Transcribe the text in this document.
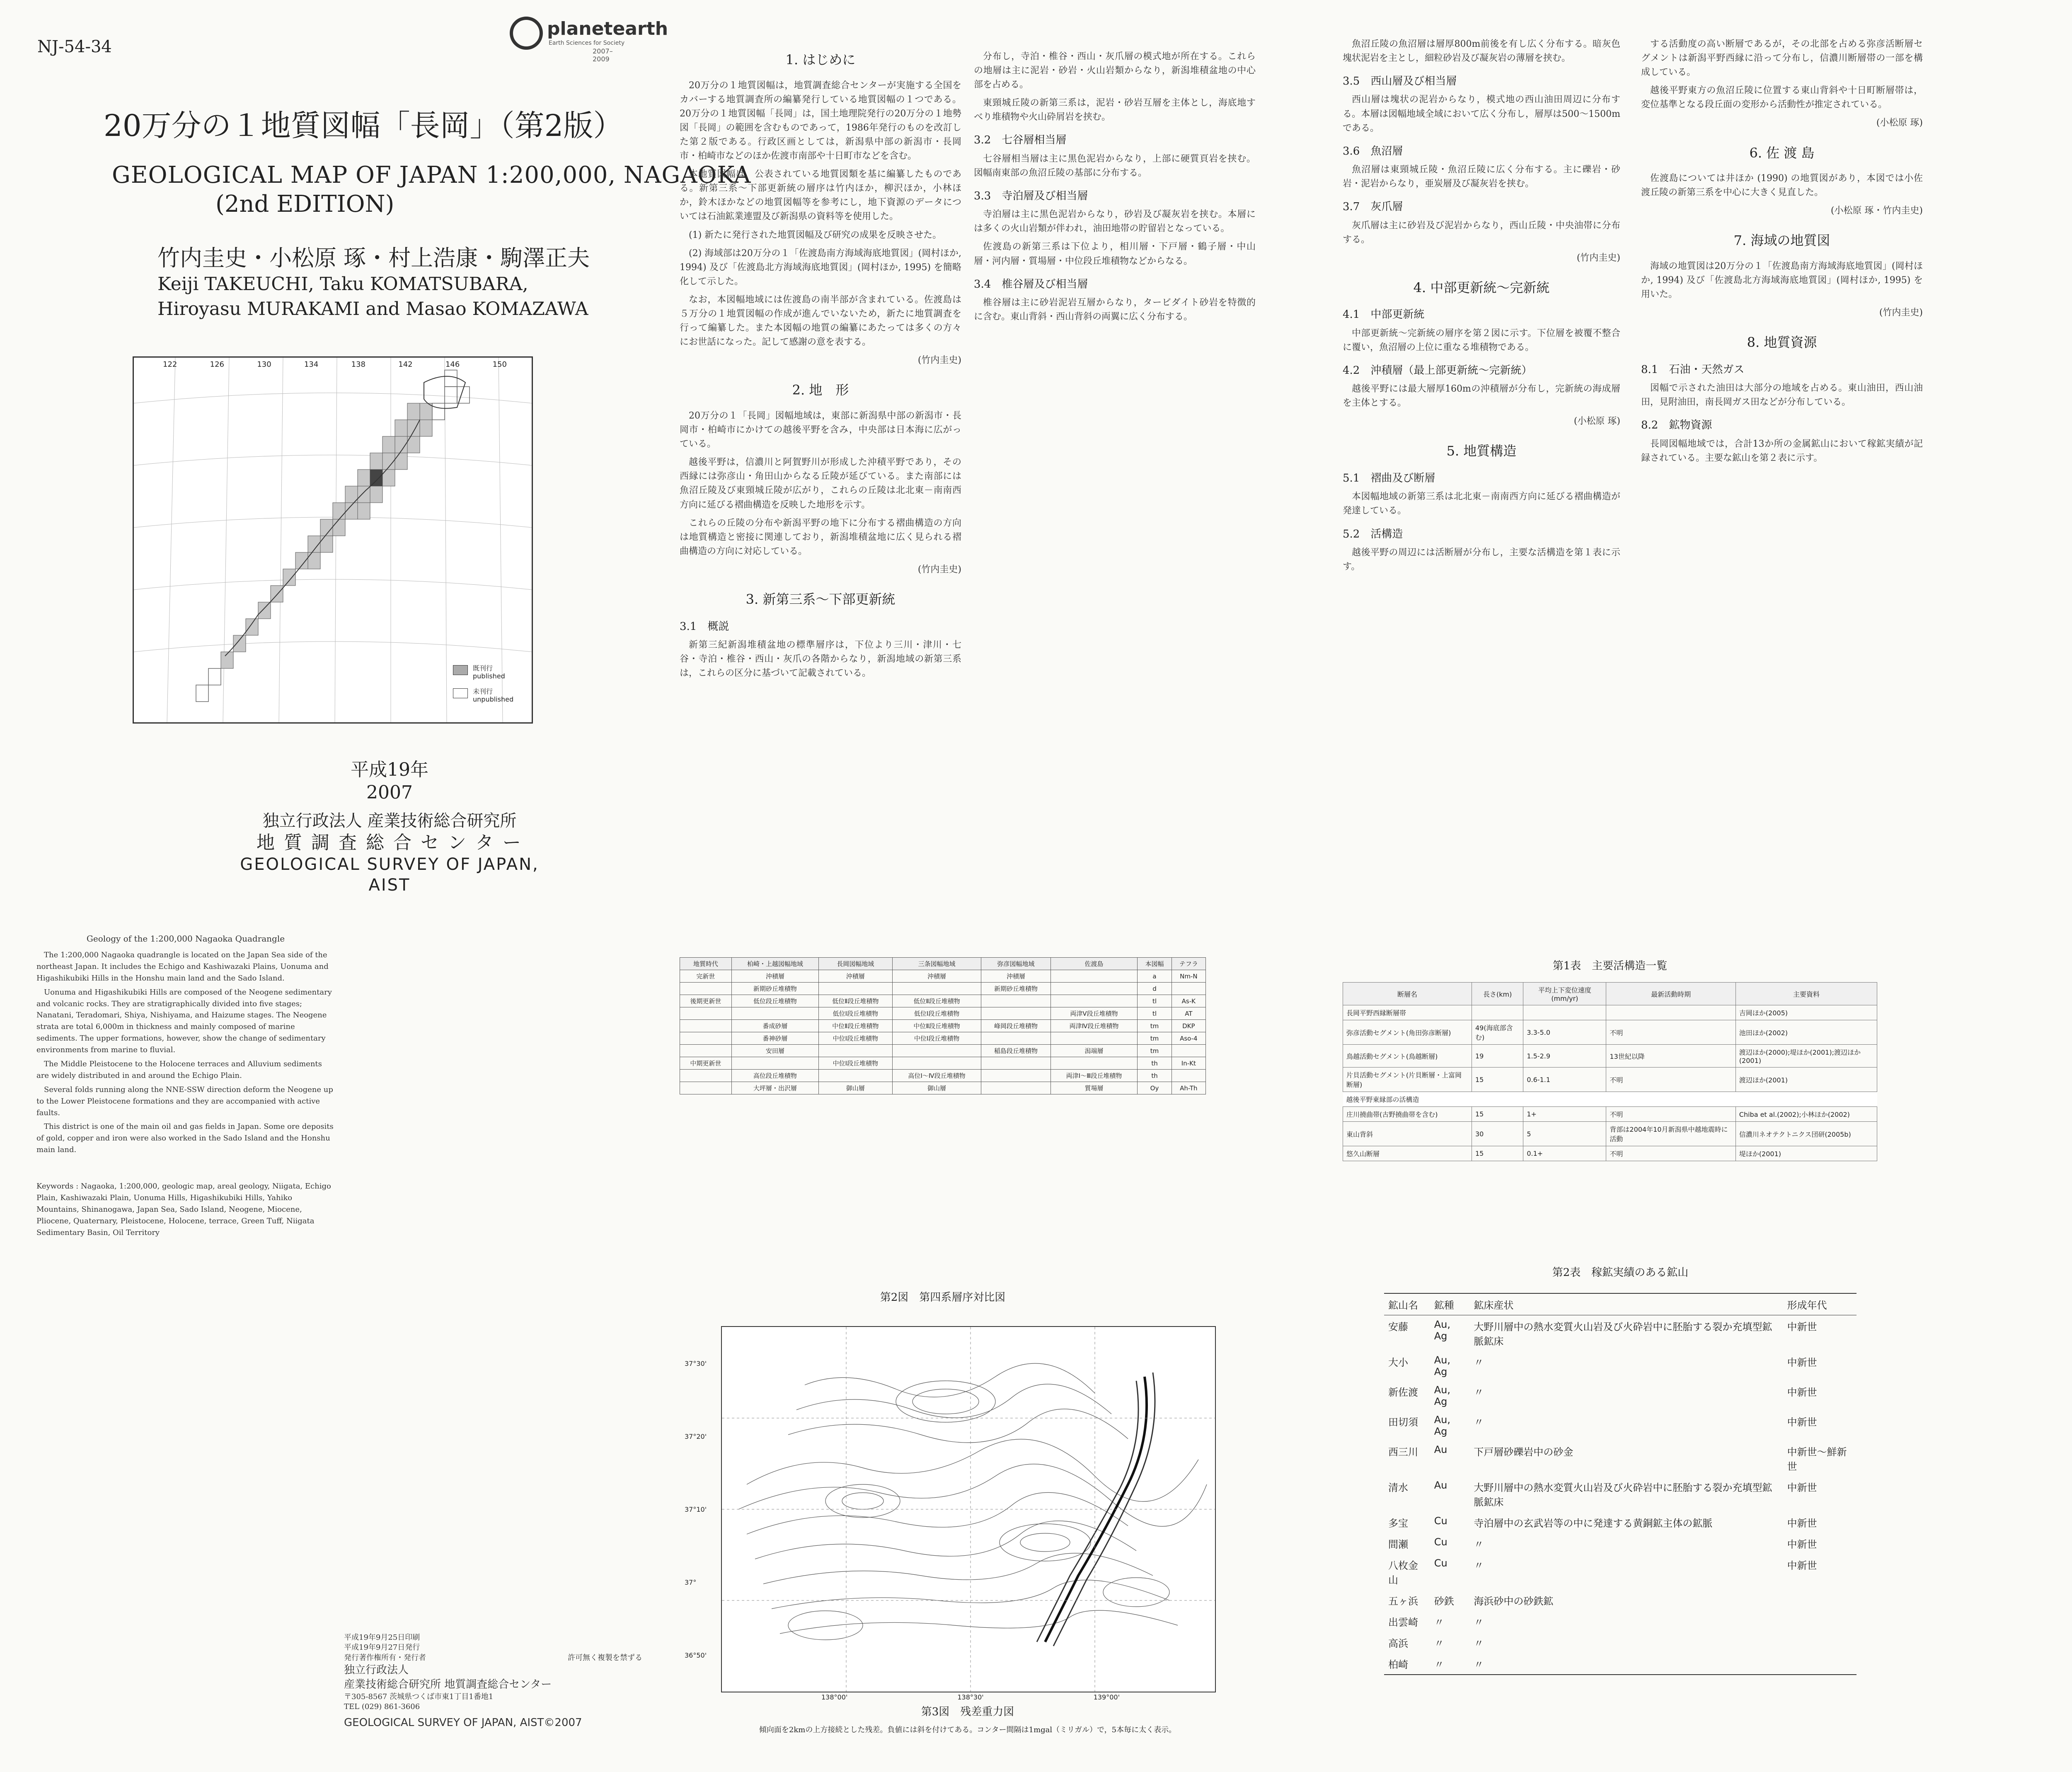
NJ-54-34
planetearth
Earth Sciences for Society
2007–2009
20万分の１地質図幅「長岡」（第2版）
GEOLOGICAL MAP OF JAPAN 1:200,000, NAGAOKA
(2nd EDITION)
竹内圭史・小松原 琢・村上浩康・駒澤正夫
Keiji TAKEUCHI, Taku KOMATSUBARA,
Hiroyasu MURAKAMI and Masao KOMAZAWA
122	126	130	134	138	142	146	150
既刊行
published
未刊行
unpublished
平成19年
2007
独立行政法人 産業技術総合研究所
地 質 調 査 総 合 セ ン タ ー
GEOLOGICAL SURVEY OF JAPAN, AIST
1. はじめに

20万分の１地質図幅は，地質調査総合センターが実施する全国をカバーする地質調査所の編纂発行している地質図幅の１つである。20万分の１地質図幅「長岡」は，国土地理院発行の20万分の１地勢図「長岡」の範囲を含むものであって，1986年発行のものを改訂した第２版である。行政区画としては，新潟県中部の新潟市・長岡市・柏崎市などのほか佐渡市南部や十日町市などを含む。

本地質図幅は，公表されている地質図類を基に編纂したものである。新第三系～下部更新統の層序は竹内ほか，柳沢ほか，小林ほか，鈴木ほかなどの地質図幅等を参考にし，地下資源のデータについては石油鉱業連盟及び新潟県の資料等を使用した。

(1) 新たに発行された地質図幅及び研究の成果を反映させた。

(2) 海域部は20万分の１「佐渡島南方海域海底地質図」(岡村ほか, 1994) 及び「佐渡島北方海域海底地質図」(岡村ほか, 1995) を簡略化して示した。

なお，本図幅地域には佐渡島の南半部が含まれている。佐渡島は５万分の１地質図幅の作成が進んでいないため，新たに地質調査を行って編纂した。また本図幅の地質の編纂にあたっては多くの方々にお世話になった。記して感謝の意を表する。

(竹内圭史)

2. 地　形

20万分の１「長岡」図幅地域は，東部に新潟県中部の新潟市・長岡市・柏崎市にかけての越後平野を含み，中央部は日本海に広がっている。

越後平野は，信濃川と阿賀野川が形成した沖積平野であり，その西縁には弥彦山・角田山からなる丘陵が延びている。また南部には魚沼丘陵及び東頸城丘陵が広がり，これらの丘陵は北北東－南南西方向に延びる褶曲構造を反映した地形を示す。

これらの丘陵の分布や新潟平野の地下に分布する褶曲構造の方向は地質構造と密接に関連しており，新潟堆積盆地に広く見られる褶曲構造の方向に対応している。

(竹内圭史)

3. 新第三系～下部更新統
3.1　概説

新第三紀新潟堆積盆地の標準層序は，下位より三川・津川・七谷・寺泊・椎谷・西山・灰爪の各階からなり，新潟地域の新第三系は，これらの区分に基づいて記載されている。

分布し，寺泊・椎谷・西山・灰爪層の模式地が所在する。これらの地層は主に泥岩・砂岩・火山岩類からなり，新潟堆積盆地の中心部を占める。

東頸城丘陵の新第三系は，泥岩・砂岩互層を主体とし，海底地すべり堆積物や火山砕屑岩を挟む。

3.2　七谷層相当層

七谷層相当層は主に黒色泥岩からなり，上部に硬質頁岩を挟む。図幅南東部の魚沼丘陵の基部に分布する。

3.3　寺泊層及び相当層

寺泊層は主に黒色泥岩からなり，砂岩及び凝灰岩を挟む。本層には多くの火山岩類が伴われ，油田地帯の貯留岩となっている。

佐渡島の新第三系は下位より，相川層・下戸層・鶴子層・中山層・河内層・質場層・中位段丘堆積物などからなる。

3.4　椎谷層及び相当層

椎谷層は主に砂岩泥岩互層からなり，タービダイト砂岩を特徴的に含む。東山背斜・西山背斜の両翼に広く分布する。

魚沼丘陵の魚沼層は層厚800m前後を有し広く分布する。暗灰色塊状泥岩を主とし，細粒砂岩及び凝灰岩の薄層を挟む。

3.5　西山層及び相当層

西山層は塊状の泥岩からなり，模式地の西山油田周辺に分布する。本層は図幅地域全域において広く分布し，層厚は500～1500mである。

3.6　魚沼層

魚沼層は東頸城丘陵・魚沼丘陵に広く分布する。主に礫岩・砂岩・泥岩からなり，亜炭層及び凝灰岩を挟む。

3.7　灰爪層

灰爪層は主に砂岩及び泥岩からなり，西山丘陵・中央油帯に分布する。

(竹内圭史)

4. 中部更新統～完新統
4.1　中部更新統

中部更新統～完新統の層序を第２図に示す。下位層を被覆不整合に覆い，魚沼層の上位に重なる堆積物である。

4.2　沖積層（最上部更新統～完新統）

越後平野には最大層厚160mの沖積層が分布し，完新統の海成層を主体とする。

(小松原 琢)

5. 地質構造
5.1　褶曲及び断層

本図幅地域の新第三系は北北東－南南西方向に延びる褶曲構造が発達している。

5.2　活構造

越後平野の周辺には活断層が分布し，主要な活構造を第１表に示す。

する活動度の高い断層であるが，その北部を占める弥彦活断層セグメントは新潟平野西縁に沿って分布し，信濃川断層帯の一部を構成している。

越後平野東方の魚沼丘陵に位置する東山背斜や十日町断層帯は，変位基準となる段丘面の変形から活動性が推定されている。

(小松原 琢)

6. 佐 渡 島

佐渡島については井ほか (1990) の地質図があり，本図では小佐渡丘陵の新第三系を中心に大きく見直した。

(小松原 琢・竹内圭史)

7. 海域の地質図

海域の地質図は20万分の１「佐渡島南方海域海底地質図」(岡村ほか, 1994) 及び「佐渡島北方海域海底地質図」(岡村ほか, 1995) を用いた。

(竹内圭史)

8. 地質資源
8.1　石油・天然ガス

図幅で示された油田は大部分の地域を占める。東山油田，西山油田，見附油田，南長岡ガス田などが分布している。

8.2　鉱物資源

長岡図幅地域では，合計13か所の金属鉱山において稼鉱実績が記録されている。主要な鉱山を第２表に示す。

Geology of the 1:200,000 Nagaoka Quadrangle

The 1:200,000 Nagaoka quadrangle is located on the Japan Sea side of the northeast Japan. It includes the Echigo and Kashiwazaki Plains, Uonuma and Higashikubiki Hills in the Honshu main land and the Sado Island.

Uonuma and Higashikubiki Hills are composed of the Neogene sedimentary and volcanic rocks. They are stratigraphically divided into five stages; Nanatani, Teradomari, Shiya, Nishiyama, and Haizume stages. The Neogene strata are total 6,000m in thickness and mainly composed of marine sediments. The upper formations, however, show the change of sedimentary environments from marine to fluvial.

The Middle Pleistocene to the Holocene terraces and Alluvium sediments are widely distributed in and around the Echigo Plain.

Several folds running along the NNE-SSW direction deform the Neogene up to the Lower Pleistocene formations and they are accompanied with active faults.

This district is one of the main oil and gas fields in Japan. Some ore deposits of gold, copper and iron were also worked in the Sado Island and the Honshu main land.

Keywords : Nagaoka, 1:200,000, geologic map, areal geology, Niigata, Echigo Plain, Kashiwazaki Plain, Uonuma Hills, Higashikubiki Hills, Yahiko Mountains, Shinanogawa, Japan Sea, Sado Island, Neogene, Miocene, Pliocene, Quaternary, Pleistocene, Holocene, terrace, Green Tuff, Niigata Sedimentary Basin, Oil Territory

地質時代	柏崎・上越図幅地域	長岡図幅地域	三条図幅地域	弥彦図幅地域	佐渡島	本図幅	テフラ
完新世	沖積層	沖積層	沖積層	沖積層		a	Nm-N
	新期砂丘堆積物			新期砂丘堆積物		d	
後期更新世	低位段丘堆積物	低位Ⅱ段丘堆積物	低位Ⅱ段丘堆積物			tl	As-K
		低位Ⅰ段丘堆積物	低位Ⅰ段丘堆積物		両津Ⅴ段丘堆積物	tl	AT
	番成砂層	中位Ⅱ段丘堆積物	中位Ⅱ段丘堆積物	峰岡段丘堆積物	両津Ⅳ段丘堆積物	tm	DKP
	番神砂層	中位Ⅰ段丘堆積物	中位Ⅰ段丘堆積物			tm	Aso-4
	安田層			稲島段丘堆積物	潟端層	tm	
中期更新世		中位Ⅰ段丘堆積物				th	In-Kt
	高位段丘堆積物		高位Ⅰ～Ⅳ段丘堆積物		両津Ⅰ～Ⅲ段丘堆積物	th	
	大坪層・出沢層	御山層	御山層		質場層	Oy	Ah-Th
第2図　第四系層序対比図
37°30'
37°20'
37°10'
37°
36°50'
138°00'	138°30'	139°00'
第3図　残差重力図
傾向面を2kmの上方接続とした残差。負値には斜を付けてある。コンター間隔は1mgal（ミリガル）で，5本毎に太く表示。
第1表　主要活構造一覧
断層名	長さ(km)	平均上下変位速度(mm/yr)	最新活動時期	主要資料
長岡平野西縁断層帯				吉岡ほか(2005)
弥彦活動セグメント(角田弥彦断層)	49(海底部含む)	3.3-5.0	不明	池田ほか(2002)
鳥越活動セグメント(鳥越断層)	19	1.5-2.9	13世紀以降	渡辺ほか(2000);堤ほか(2001);渡辺ほか(2001)
片貝活動セグメント(片貝断層・上富岡断層)	15	0.6-1.1	不明	渡辺ほか(2001)
越後平野東縁部の活構造				
庄川撓曲帯(古野撓曲帯を含む)	15	1+	不明	Chiba et al.(2002);小林ほか(2002)
東山背斜	30	5	背部は2004年10月新潟県中越地震時に活動	信濃川ネオテクトニクス団研(2005b)
悠久山断層	15	0.1+	不明	堤ほか(2001)
第2表　稼鉱実績のある鉱山
鉱山名	鉱種	鉱床産状	形成年代
安藤	Au, Ag	大野川層中の熱水変質火山岩及び火砕岩中に胚胎する裂か充填型鉱脈鉱床	中新世
大小	Au, Ag	〃	中新世
新佐渡	Au, Ag	〃	中新世
田切須	Au, Ag	〃	中新世
西三川	Au	下戸層砂礫岩中の砂金	中新世～鮮新世
清水	Au	大野川層中の熱水変質火山岩及び火砕岩中に胚胎する裂か充填型鉱脈鉱床	中新世
多宝	Cu	寺泊層中の玄武岩等の中に発達する黄銅鉱主体の鉱脈	中新世
間瀬	Cu	〃	中新世
八枚金山	Cu	〃	中新世
五ヶ浜	砂鉄	海浜砂中の砂鉄鉱	
出雲崎	〃	〃	
高浜	〃	〃	
柏崎	〃	〃	
平成19年9月25日印刷
平成19年9月27日発行
発行著作権所有・発行者	許可無く複製を禁ずる
独立行政法人
産業技術総合研究所 地質調査総合センター
〒305-8567 茨城県つくば市東1丁目1番地1
TEL (029) 861-3606
GEOLOGICAL SURVEY OF JAPAN, AIST©2007
